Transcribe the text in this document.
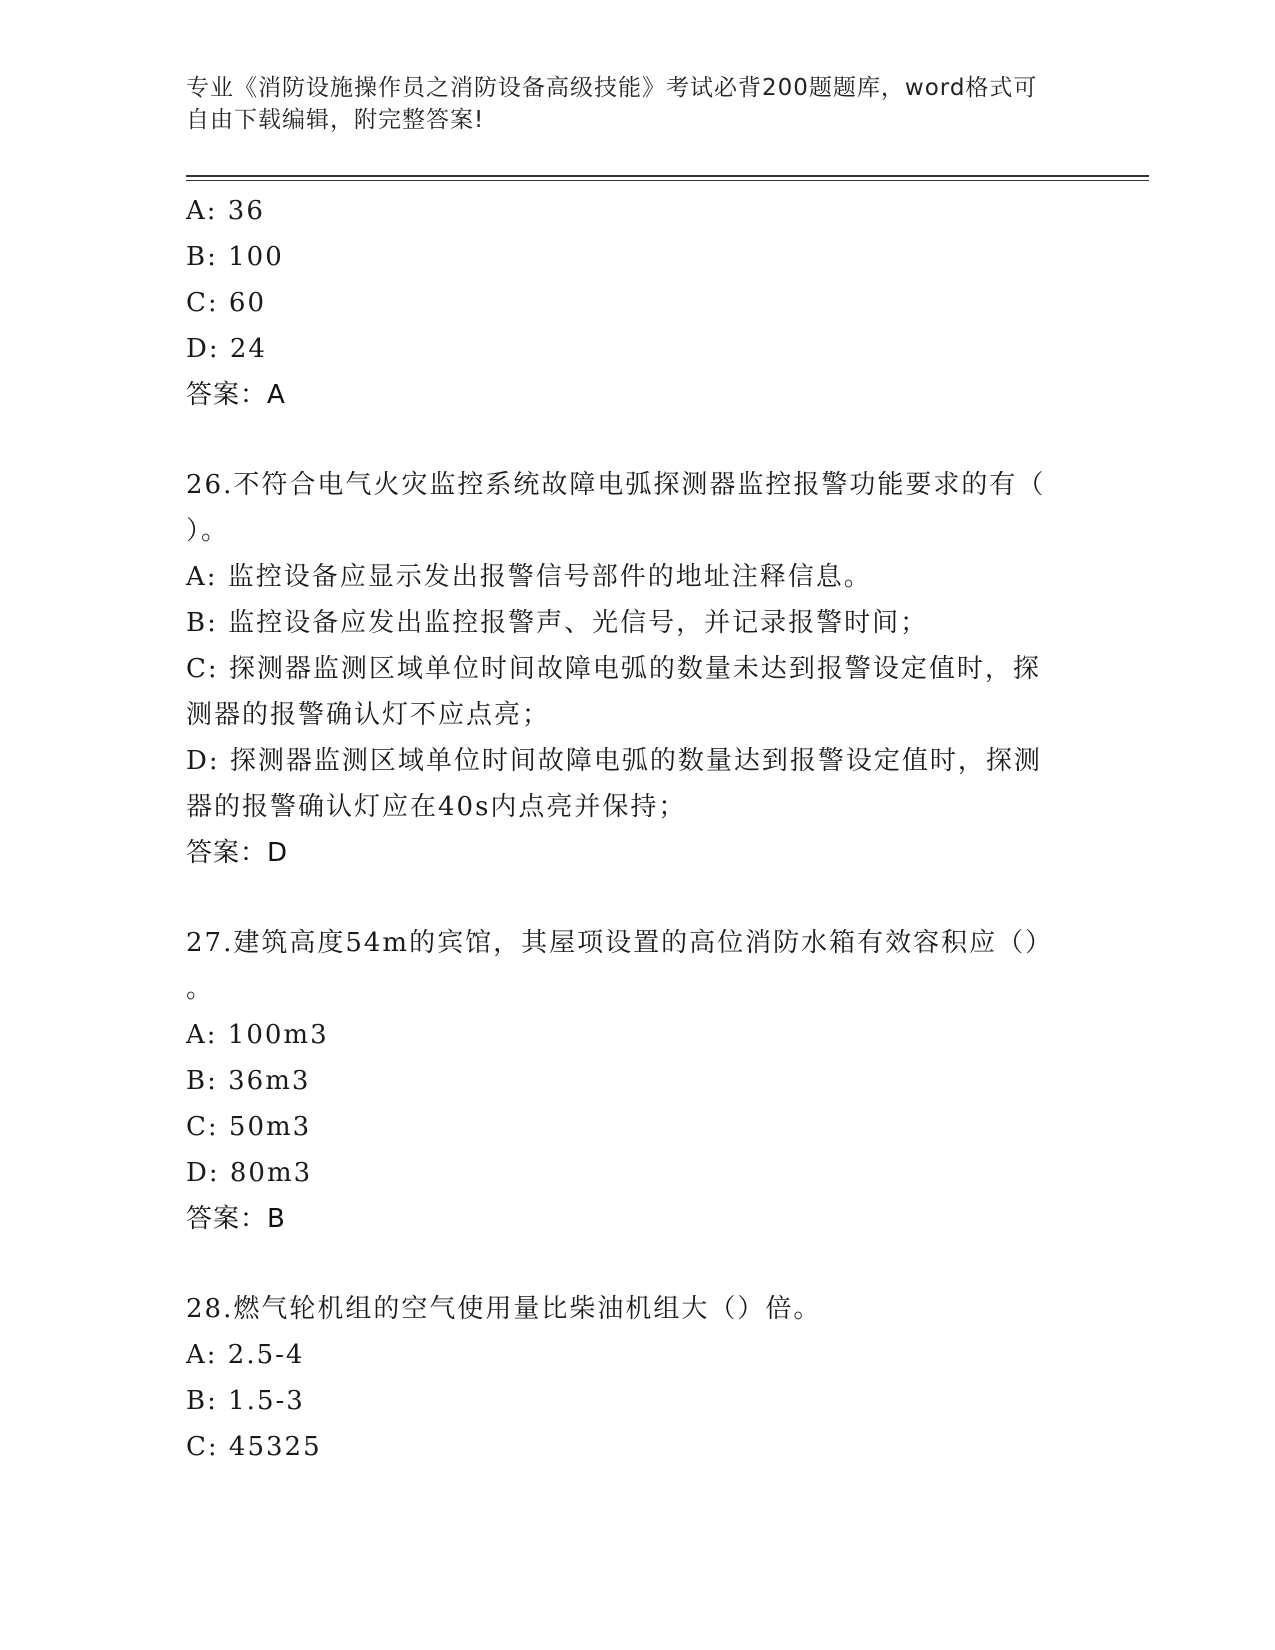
专业《消防设施操作员之消防设备高级技能》考试必背200题题库，word格式可
自由下载编辑，附完整答案!
A: 36
B: 100
C: 60
D: 24
答案：A
26.不符合电气火灾监控系统故障电弧探测器监控报警功能要求的有（
）。
A: 监控设备应显示发出报警信号部件的地址注释信息。
B: 监控设备应发出监控报警声、光信号，并记录报警时间；
C: 探测器监测区域单位时间故障电弧的数量未达到报警设定值时，探
测器的报警确认灯不应点亮；
D: 探测器监测区域单位时间故障电弧的数量达到报警设定值时，探测
器的报警确认灯应在40s内点亮并保持；
答案：D
27.建筑高度54m的宾馆，其屋项设置的高位消防水箱有效容积应（）
。
A: 100m3
B: 36m3
C: 50m3
D: 80m3
答案：B
28.燃气轮机组的空气使用量比柴油机组大（）倍。
A: 2.5-4
B: 1.5-3
C: 45325
